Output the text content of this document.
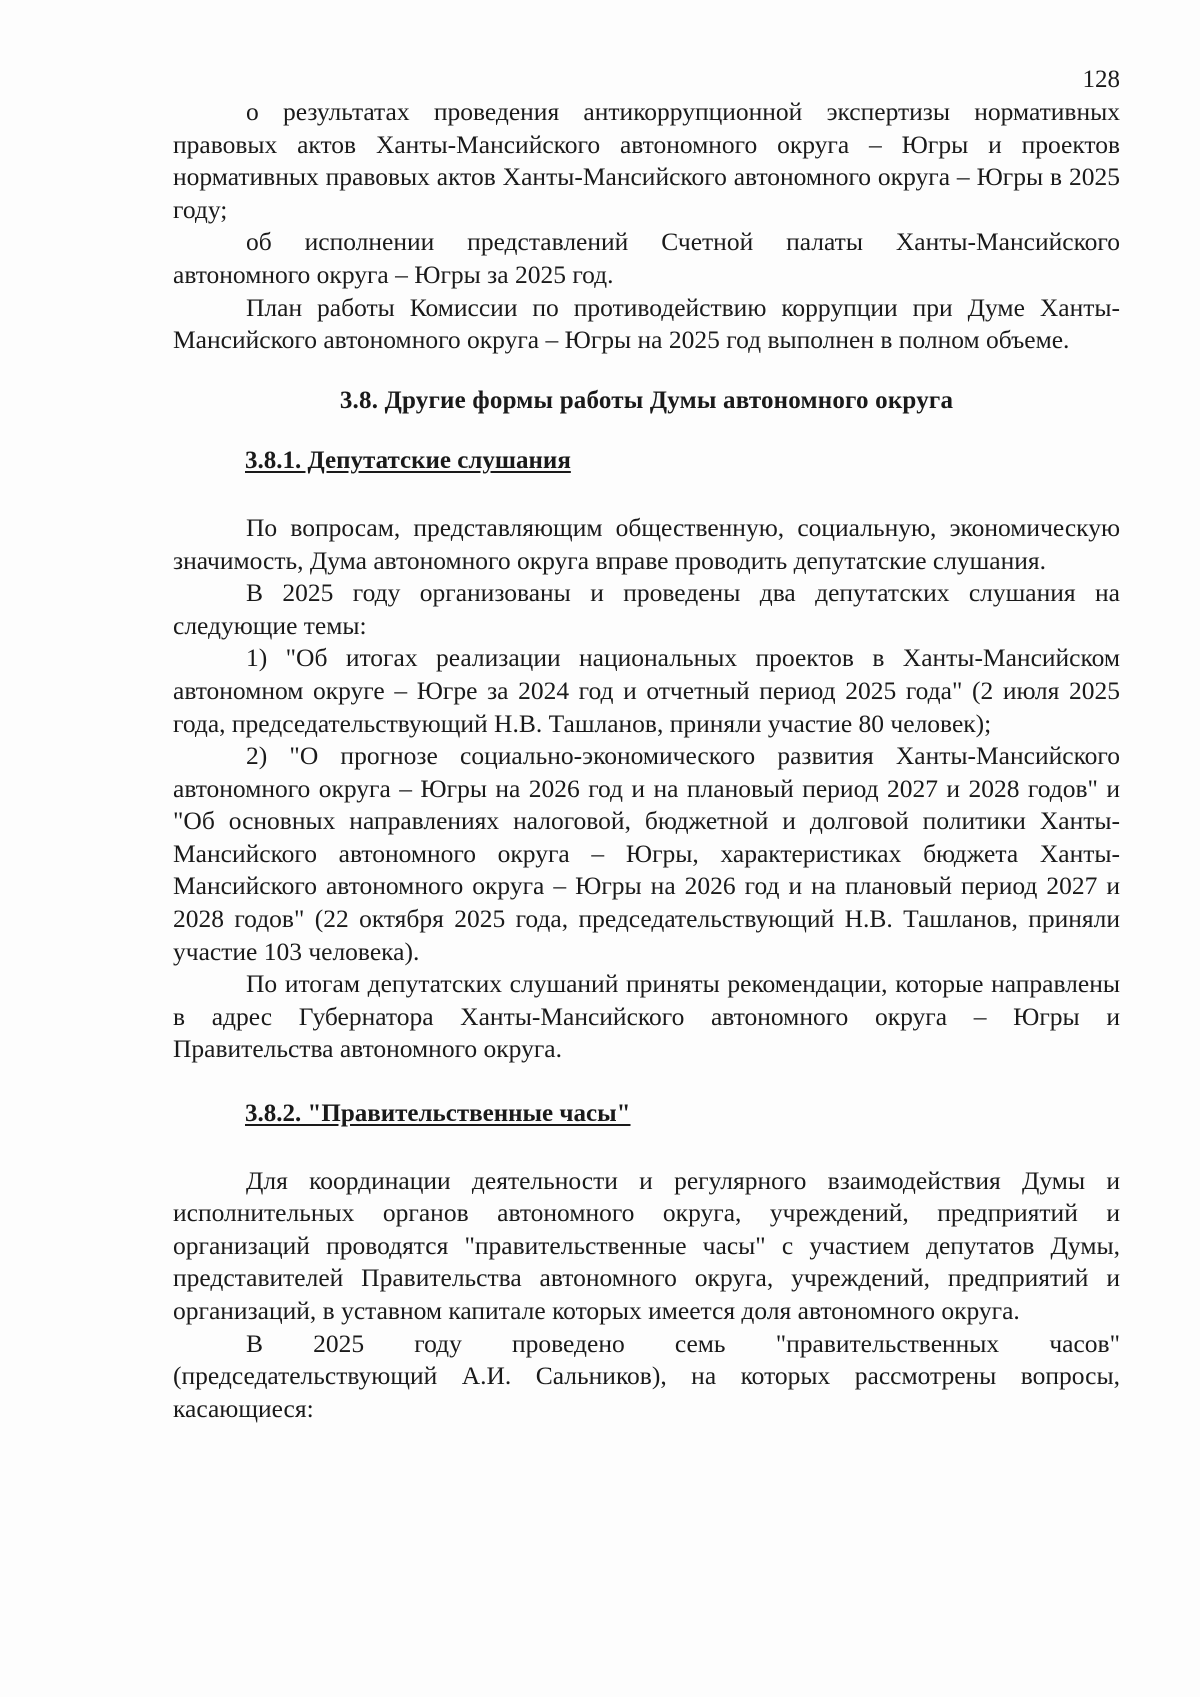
128

о результатах проведения антикоррупционной экспертизы нормативных правовых актов Ханты-Мансийского автономного округа – Югры и проектов нормативных правовых актов Ханты-Мансийского автономного округа – Югры в 2025 году;

об исполнении представлений Счетной палаты Ханты-Мансийского автономного округа – Югры за 2025 год.

План работы Комиссии по противодействию коррупции при Думе Ханты-Мансийского автономного округа – Югры на 2025 год выполнен в полном объеме.

3.8. Другие формы работы Думы автономного округа
3.8.1. Депутатские слушания

По вопросам, представляющим общественную, социальную, экономическую значимость, Дума автономного округа вправе проводить депутатские слушания.

В 2025 году организованы и проведены два депутатских слушания на следующие темы:

1) "Об итогах реализации национальных проектов в Ханты-Мансийском автономном округе – Югре за 2024 год и отчетный период 2025 года" (2 июля 2025 года, председательствующий Н.В. Ташланов, приняли участие 80 человек);

2) "О прогнозе социально-экономического развития Ханты-Мансийского автономного округа – Югры на 2026 год и на плановый период 2027 и 2028 годов" и "Об основных направлениях налоговой, бюджетной и долговой политики Ханты-Мансийского автономного округа – Югры, характеристиках бюджета Ханты-Мансийского автономного округа – Югры на 2026 год и на плановый период 2027 и 2028 годов" (22 октября 2025 года, председательствующий Н.В. Ташланов, приняли участие 103 человека).

По итогам депутатских слушаний приняты рекомендации, которые направлены в адрес Губернатора Ханты-Мансийского автономного округа – Югры и Правительства автономного округа.

3.8.2. "Правительственные часы"

Для координации деятельности и регулярного взаимодействия Думы и исполнительных органов автономного округа, учреждений, предприятий и организаций проводятся "правительственные часы" с участием депутатов Думы, представителей Правительства автономного округа, учреждений, предприятий и организаций, в уставном капитале которых имеется доля автономного округа.

В 2025 году проведено семь "правительственных часов" (председательствующий А.И. Сальников), на которых рассмотрены вопросы, касающиеся:
